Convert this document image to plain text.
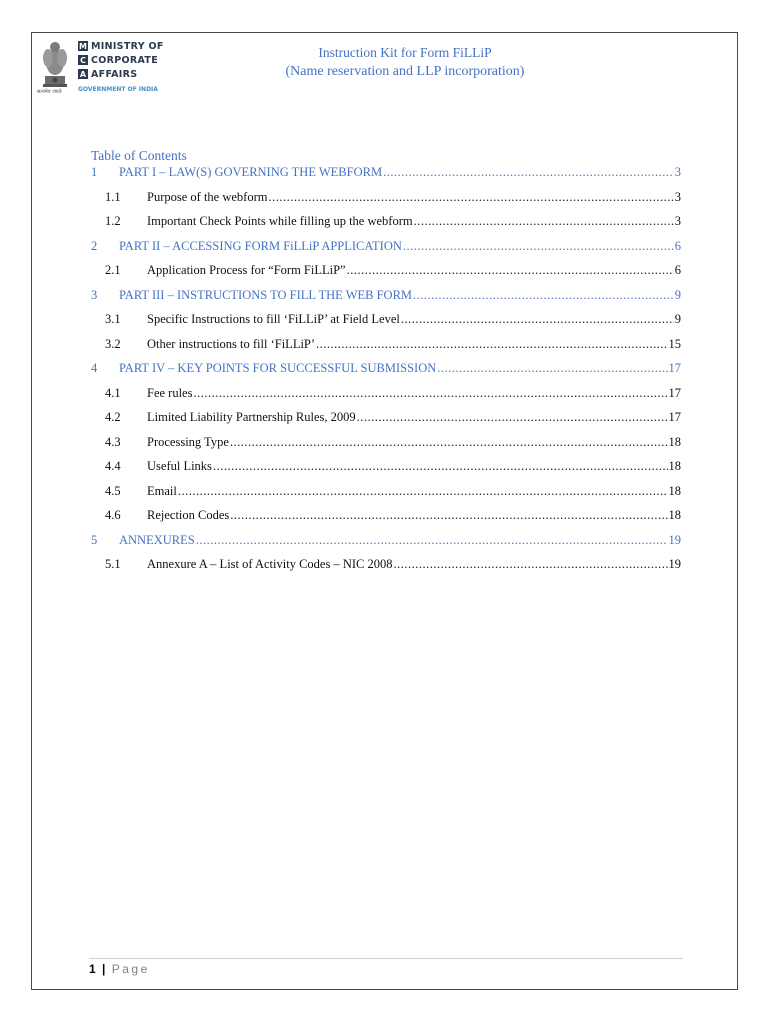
सत्यमेव जयते
M MINISTRY OF
C CORPORATE
A AFFAIRS
GOVERNMENT OF INDIA
Instruction Kit for Form FiLLiP
(Name reservation and LLP incorporation)
Table of Contents
1	PART I – LAW(S) GOVERNING THE WEBFORM .....	3
1.1	Purpose of the webform .....	3
1.2	Important Check Points while filling up the webform .....	3
2	PART II – ACCESSING FORM FiLLiP APPLICATION .....	6
2.1	Application Process for “Form FiLLiP” .....	6
3	PART III – INSTRUCTIONS TO FILL THE WEB FORM .....	9
3.1	Specific Instructions to fill ‘FiLLiP’ at Field Level .....	9
3.2	Other instructions to fill ‘FiLLiP’ .....	15
4	PART IV – KEY POINTS FOR SUCCESSFUL SUBMISSION .....	17
4.1	Fee rules .....	17
4.2	Limited Liability Partnership Rules, 2009 .....	17
4.3	Processing Type .....	18
4.4	Useful Links .....	18
4.5	Email .....	18
4.6	Rejection Codes .....	18
5	ANNEXURES .....	19
5.1	Annexure A – List of Activity Codes – NIC 2008 .....	19
1 | Page
